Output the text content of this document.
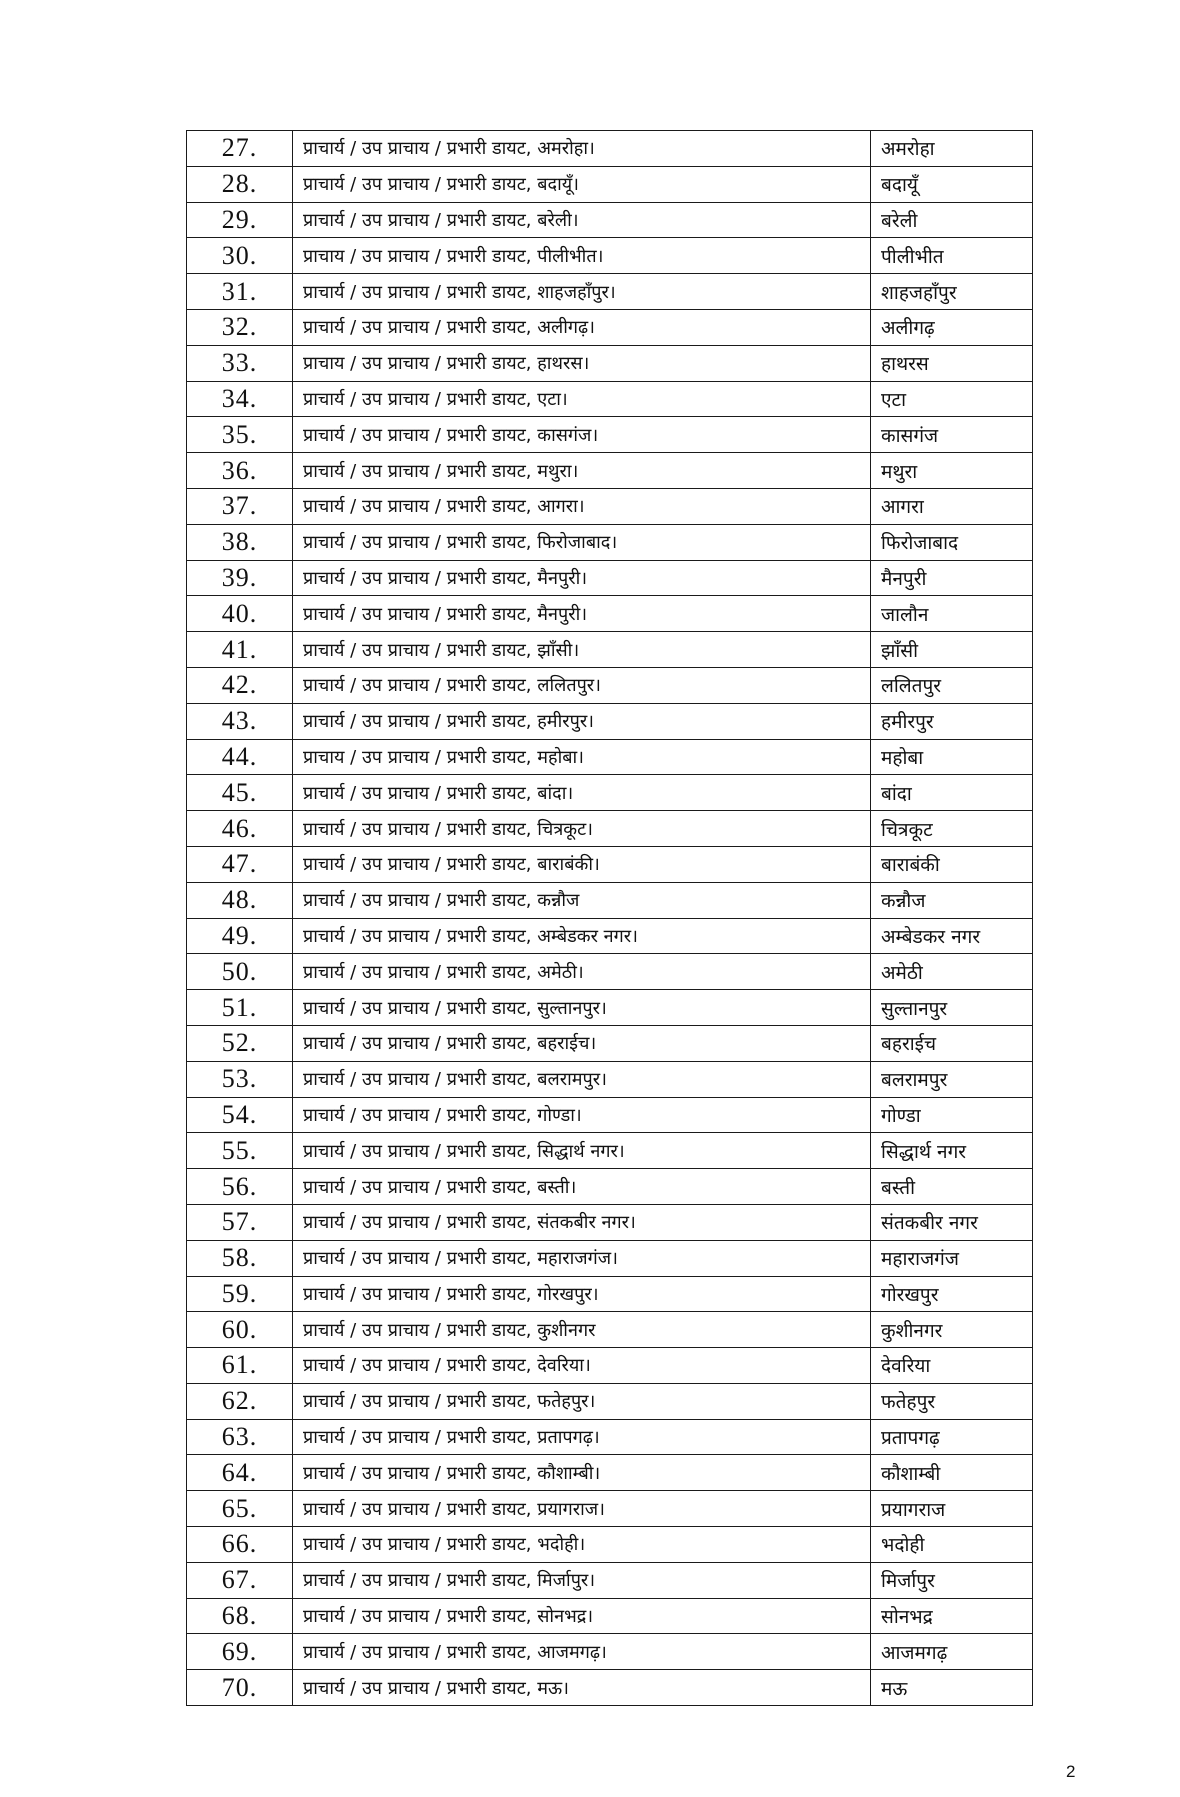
27.	प्राचार्य / उप प्राचाय / प्रभारी डायट, अमरोहा।	अमरोहा
28.	प्राचार्य / उप प्राचाय / प्रभारी डायट, बदायूँ।	बदायूँ
29.	प्राचार्य / उप प्राचाय / प्रभारी डायट, बरेली।	बरेली
30.	प्राचाय / उप प्राचाय / प्रभारी डायट, पीलीभीत।	पीलीभीत
31.	प्राचार्य / उप प्राचाय / प्रभारी डायट, शाहजहाँपुर।	शाहजहाँपुर
32.	प्राचार्य / उप प्राचाय / प्रभारी डायट, अलीगढ़।	अलीगढ़
33.	प्राचाय / उप प्राचाय / प्रभारी डायट, हाथरस।	हाथरस
34.	प्राचार्य / उप प्राचाय / प्रभारी डायट, एटा।	एटा
35.	प्राचार्य / उप प्राचाय / प्रभारी डायट, कासगंज।	कासगंज
36.	प्राचार्य / उप प्राचाय / प्रभारी डायट, मथुरा।	मथुरा
37.	प्राचार्य / उप प्राचाय / प्रभारी डायट, आगरा।	आगरा
38.	प्राचार्य / उप प्राचाय / प्रभारी डायट, फिरोजाबाद।	फिरोजाबाद
39.	प्राचार्य / उप प्राचाय / प्रभारी डायट, मैनपुरी।	मैनपुरी
40.	प्राचार्य / उप प्राचाय / प्रभारी डायट, मैनपुरी।	जालौन
41.	प्राचार्य / उप प्राचाय / प्रभारी डायट, झाँसी।	झाँसी
42.	प्राचार्य / उप प्राचाय / प्रभारी डायट, ललितपुर।	ललितपुर
43.	प्राचार्य / उप प्राचाय / प्रभारी डायट, हमीरपुर।	हमीरपुर
44.	प्राचाय / उप प्राचाय / प्रभारी डायट, महोबा।	महोबा
45.	प्राचार्य / उप प्राचाय / प्रभारी डायट, बांदा।	बांदा
46.	प्राचार्य / उप प्राचाय / प्रभारी डायट, चित्रकूट।	चित्रकूट
47.	प्राचार्य / उप प्राचाय / प्रभारी डायट, बाराबंकी।	बाराबंकी
48.	प्राचार्य / उप प्राचाय / प्रभारी डायट, कन्नौज	कन्नौज
49.	प्राचार्य / उप प्राचाय / प्रभारी डायट, अम्बेडकर नगर।	अम्बेडकर नगर
50.	प्राचार्य / उप प्राचाय / प्रभारी डायट, अमेठी।	अमेठी
51.	प्राचार्य / उप प्राचाय / प्रभारी डायट, सुल्तानपुर।	सुल्तानपुर
52.	प्राचार्य / उप प्राचाय / प्रभारी डायट, बहराईच।	बहराईच
53.	प्राचार्य / उप प्राचाय / प्रभारी डायट, बलरामपुर।	बलरामपुर
54.	प्राचार्य / उप प्राचाय / प्रभारी डायट, गोण्डा।	गोण्डा
55.	प्राचार्य / उप प्राचाय / प्रभारी डायट, सिद्धार्थ नगर।	सिद्धार्थ नगर
56.	प्राचार्य / उप प्राचाय / प्रभारी डायट, बस्ती।	बस्ती
57.	प्राचार्य / उप प्राचाय / प्रभारी डायट, संतकबीर नगर।	संतकबीर नगर
58.	प्राचार्य / उप प्राचाय / प्रभारी डायट, महाराजगंज।	महाराजगंज
59.	प्राचार्य / उप प्राचाय / प्रभारी डायट, गोरखपुर।	गोरखपुर
60.	प्राचार्य / उप प्राचाय / प्रभारी डायट, कुशीनगर	कुशीनगर
61.	प्राचार्य / उप प्राचाय / प्रभारी डायट, देवरिया।	देवरिया
62.	प्राचार्य / उप प्राचाय / प्रभारी डायट, फतेहपुर।	फतेहपुर
63.	प्राचार्य / उप प्राचाय / प्रभारी डायट, प्रतापगढ़।	प्रतापगढ़
64.	प्राचार्य / उप प्राचाय / प्रभारी डायट, कौशाम्बी।	कौशाम्बी
65.	प्राचार्य / उप प्राचाय / प्रभारी डायट, प्रयागराज।	प्रयागराज
66.	प्राचार्य / उप प्राचाय / प्रभारी डायट, भदोही।	भदोही
67.	प्राचार्य / उप प्राचाय / प्रभारी डायट, मिर्जापुर।	मिर्जापुर
68.	प्राचार्य / उप प्राचाय / प्रभारी डायट, सोनभद्र।	सोनभद्र
69.	प्राचार्य / उप प्राचाय / प्रभारी डायट, आजमगढ़।	आजमगढ़
70.	प्राचार्य / उप प्राचाय / प्रभारी डायट, मऊ।	मऊ
2
